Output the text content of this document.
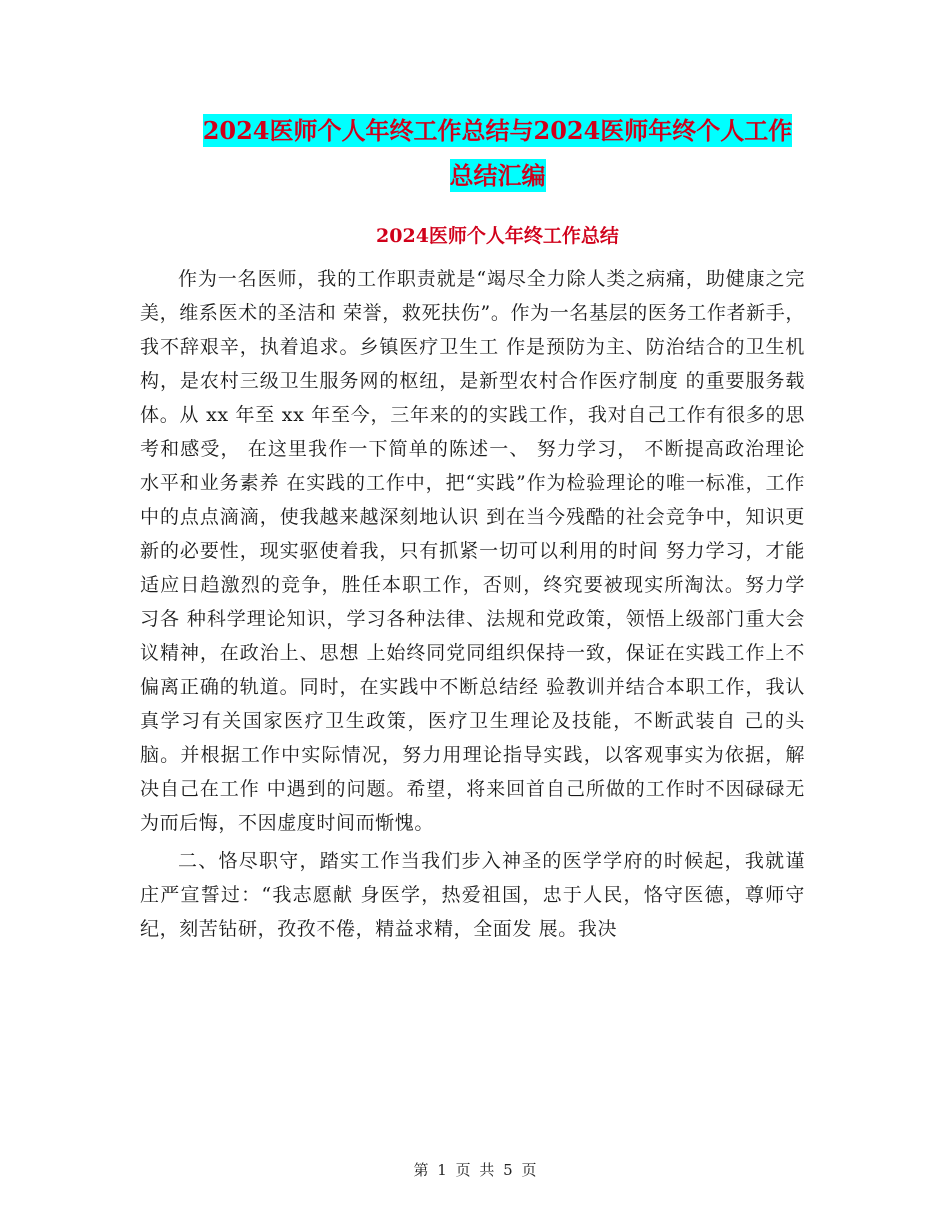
2024医师个人年终工作总结与2024医师年终个人工作
总结汇编
2024医师个人年终工作总结

作为一名医师，我的工作职责就是“竭尽全力除人类之病痛，助健康之完美，维系医术的圣洁和 荣誉，救死扶伤”。作为一名基层的医务工作者新手，我不辞艰辛，执着追求。乡镇医疗卫生工 作是预防为主、防治结合的卫生机构，是农村三级卫生服务网的枢纽，是新型农村合作医疗制度 的重要服务载体。从 xx 年至 xx 年至今，三年来的的实践工作，我对自己工作有很多的思 考和感受， 在这里我作一下简单的陈述一、 努力学习， 不断提高政治理论水平和业务素养 在实践的工作中，把“实践”作为检验理论的唯一标准，工作中的点点滴滴，使我越来越深刻地认识 到在当今残酷的社会竞争中，知识更新的必要性，现实驱使着我，只有抓紧一切可以利用的时间 努力学习，才能适应日趋激烈的竞争，胜任本职工作，否则，终究要被现实所淘汰。努力学习各 种科学理论知识，学习各种法律、法规和党政策，领悟上级部门重大会议精神，在政治上、思想 上始终同党同组织保持一致，保证在实践工作上不偏离正确的轨道。同时，在实践中不断总结经 验教训并结合本职工作，我认真学习有关国家医疗卫生政策，医疗卫生理论及技能，不断武装自 己的头脑。并根据工作中实际情况，努力用理论指导实践，以客观事实为依据，解决自己在工作 中遇到的问题。希望，将来回首自己所做的工作时不因碌碌无为而后悔，不因虚度时间而惭愧。

二、恪尽职守，踏实工作当我们步入神圣的医学学府的时候起，我就谨庄严宣誓过：“我志愿献 身医学，热爱祖国，忠于人民，恪守医德，尊师守纪，刻苦钻研，孜孜不倦，精益求精，全面发 展。我决

第 1 页 共 5 页
